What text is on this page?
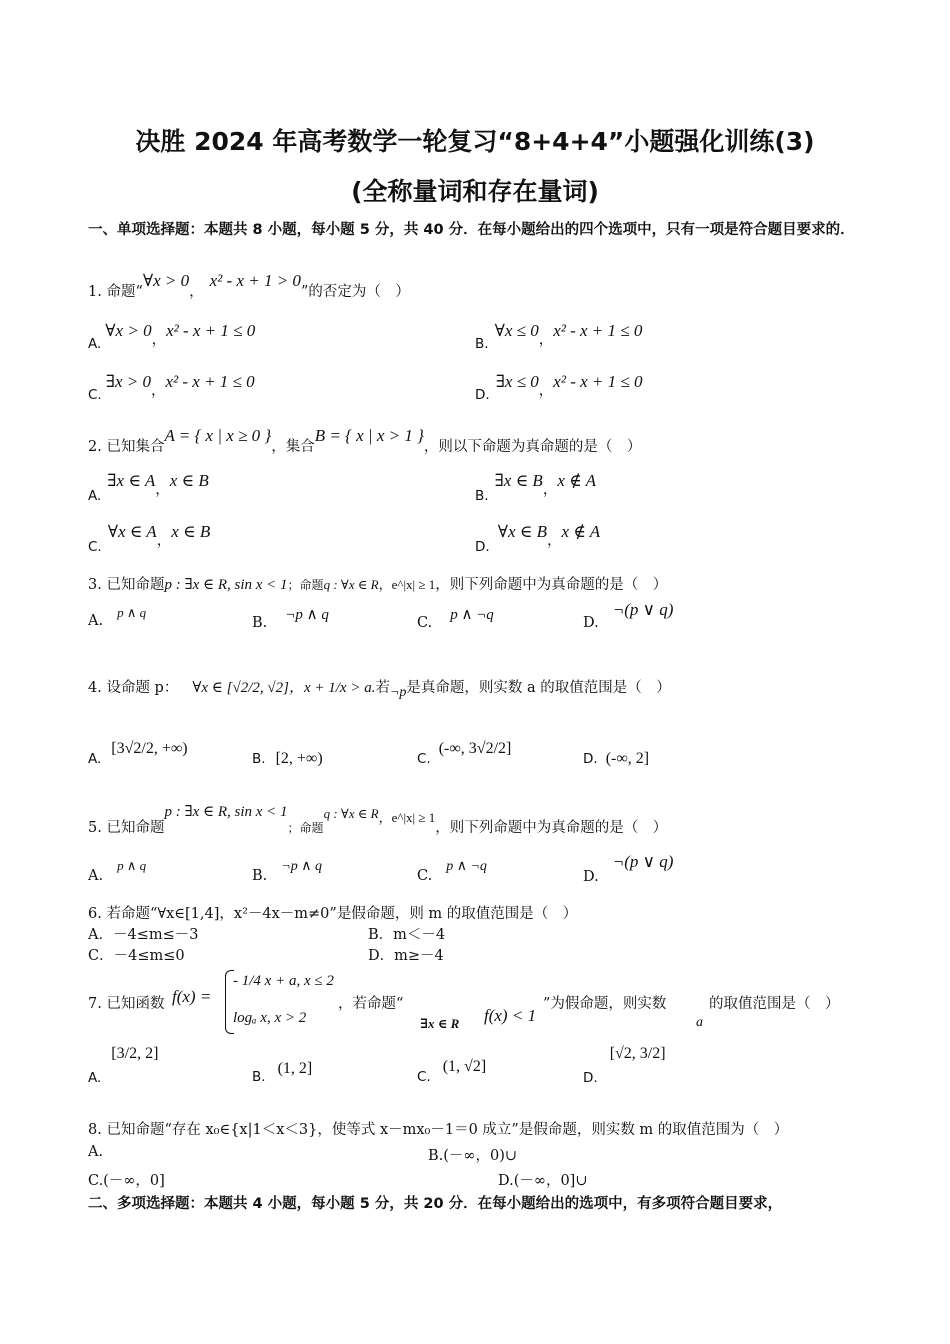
决胜 2024 年高考数学一轮复习“8+4+4”小题强化训练(3)
(全称量词和存在量词)
一、单项选择题：本题共 8 小题，每小题 5 分，共 40 分．在每小题给出的四个选项中，只有一项是符合题目要求的．
1. 命题“∀x > 0，x² - x + 1 > 0”的否定为（　）
A.∀x > 0，x² - x + 1 ≤ 0
B.∀x ≤ 0，x² - x + 1 ≤ 0
C.∃x > 0，x² - x + 1 ≤ 0
D.∃x ≤ 0，x² - x + 1 ≤ 0
2. 已知集合A = { x | x ≥ 0 }，集合B = { x | x > 1 }，则以下命题为真命题的是（　）
A.∃x ∈ A，x ∈ B
B.∃x ∈ B，x ∉ A
C.∀x ∈ A，x ∈ B
D.∀x ∈ B，x ∉ A
3. 已知命题p : ∃x ∈ R, sin x < 1；命题q : ∀x ∈ R，e^|x| ≥ 1，则下列命题中为真命题的是（　）
A.p ∧ q
B. ¬p ∧ q	C. p ∧ ¬q	D.¬(p ∨ q)
4. 设命题 p： ∀x ∈ [√2/2, √2]，x + 1/x > a.若¬p是真命题，则实数 a 的取值范围是（　）
A.[3√2/2, +∞)
B. [2, +∞)	C.(-∞, 3√2/2]
D. (-∞, 2]
5. 已知命题p : ∃x ∈ R, sin x < 1；命题q : ∀x ∈ R，e^|x| ≥ 1，则下列命题中为真命题的是（　）
A.p ∧ q
B.¬p ∧ q
C.p ∧ ¬q
D.¬(p ∨ q)
6. 若命题“∀x∈[1,4]，x²－4x－m≠0”是假命题，则 m 的取值范围是（　）
A．－4≤m≤－3	B．m＜－4
C．－4≤m≤0	D．m≥－4
7. 已知函数 f(x) =
- 1/4 x + a, x ≤ 2
logₐ x, x > 2
，若命题“
∃x ∈ R f(x) < 1
”为假命题，则实数
a
的取值范围是（　）
A.[3/2, 2]
B. (1, 2]	C.(1, √2]
D.[√2, 3/2]
8. 已知命题“存在 x₀∈{x|1＜x＜3}，使等式 x－mx₀－1＝0 成立”是假命题，则实数 m 的取值范围为（　）
A.	B.(－∞，0)∪
C.(－∞，0]	D.(－∞，0]∪
二、多项选择题：本题共 4 小题，每小题 5 分，共 20 分．在每小题给出的选项中，有多项符合题目要求，
